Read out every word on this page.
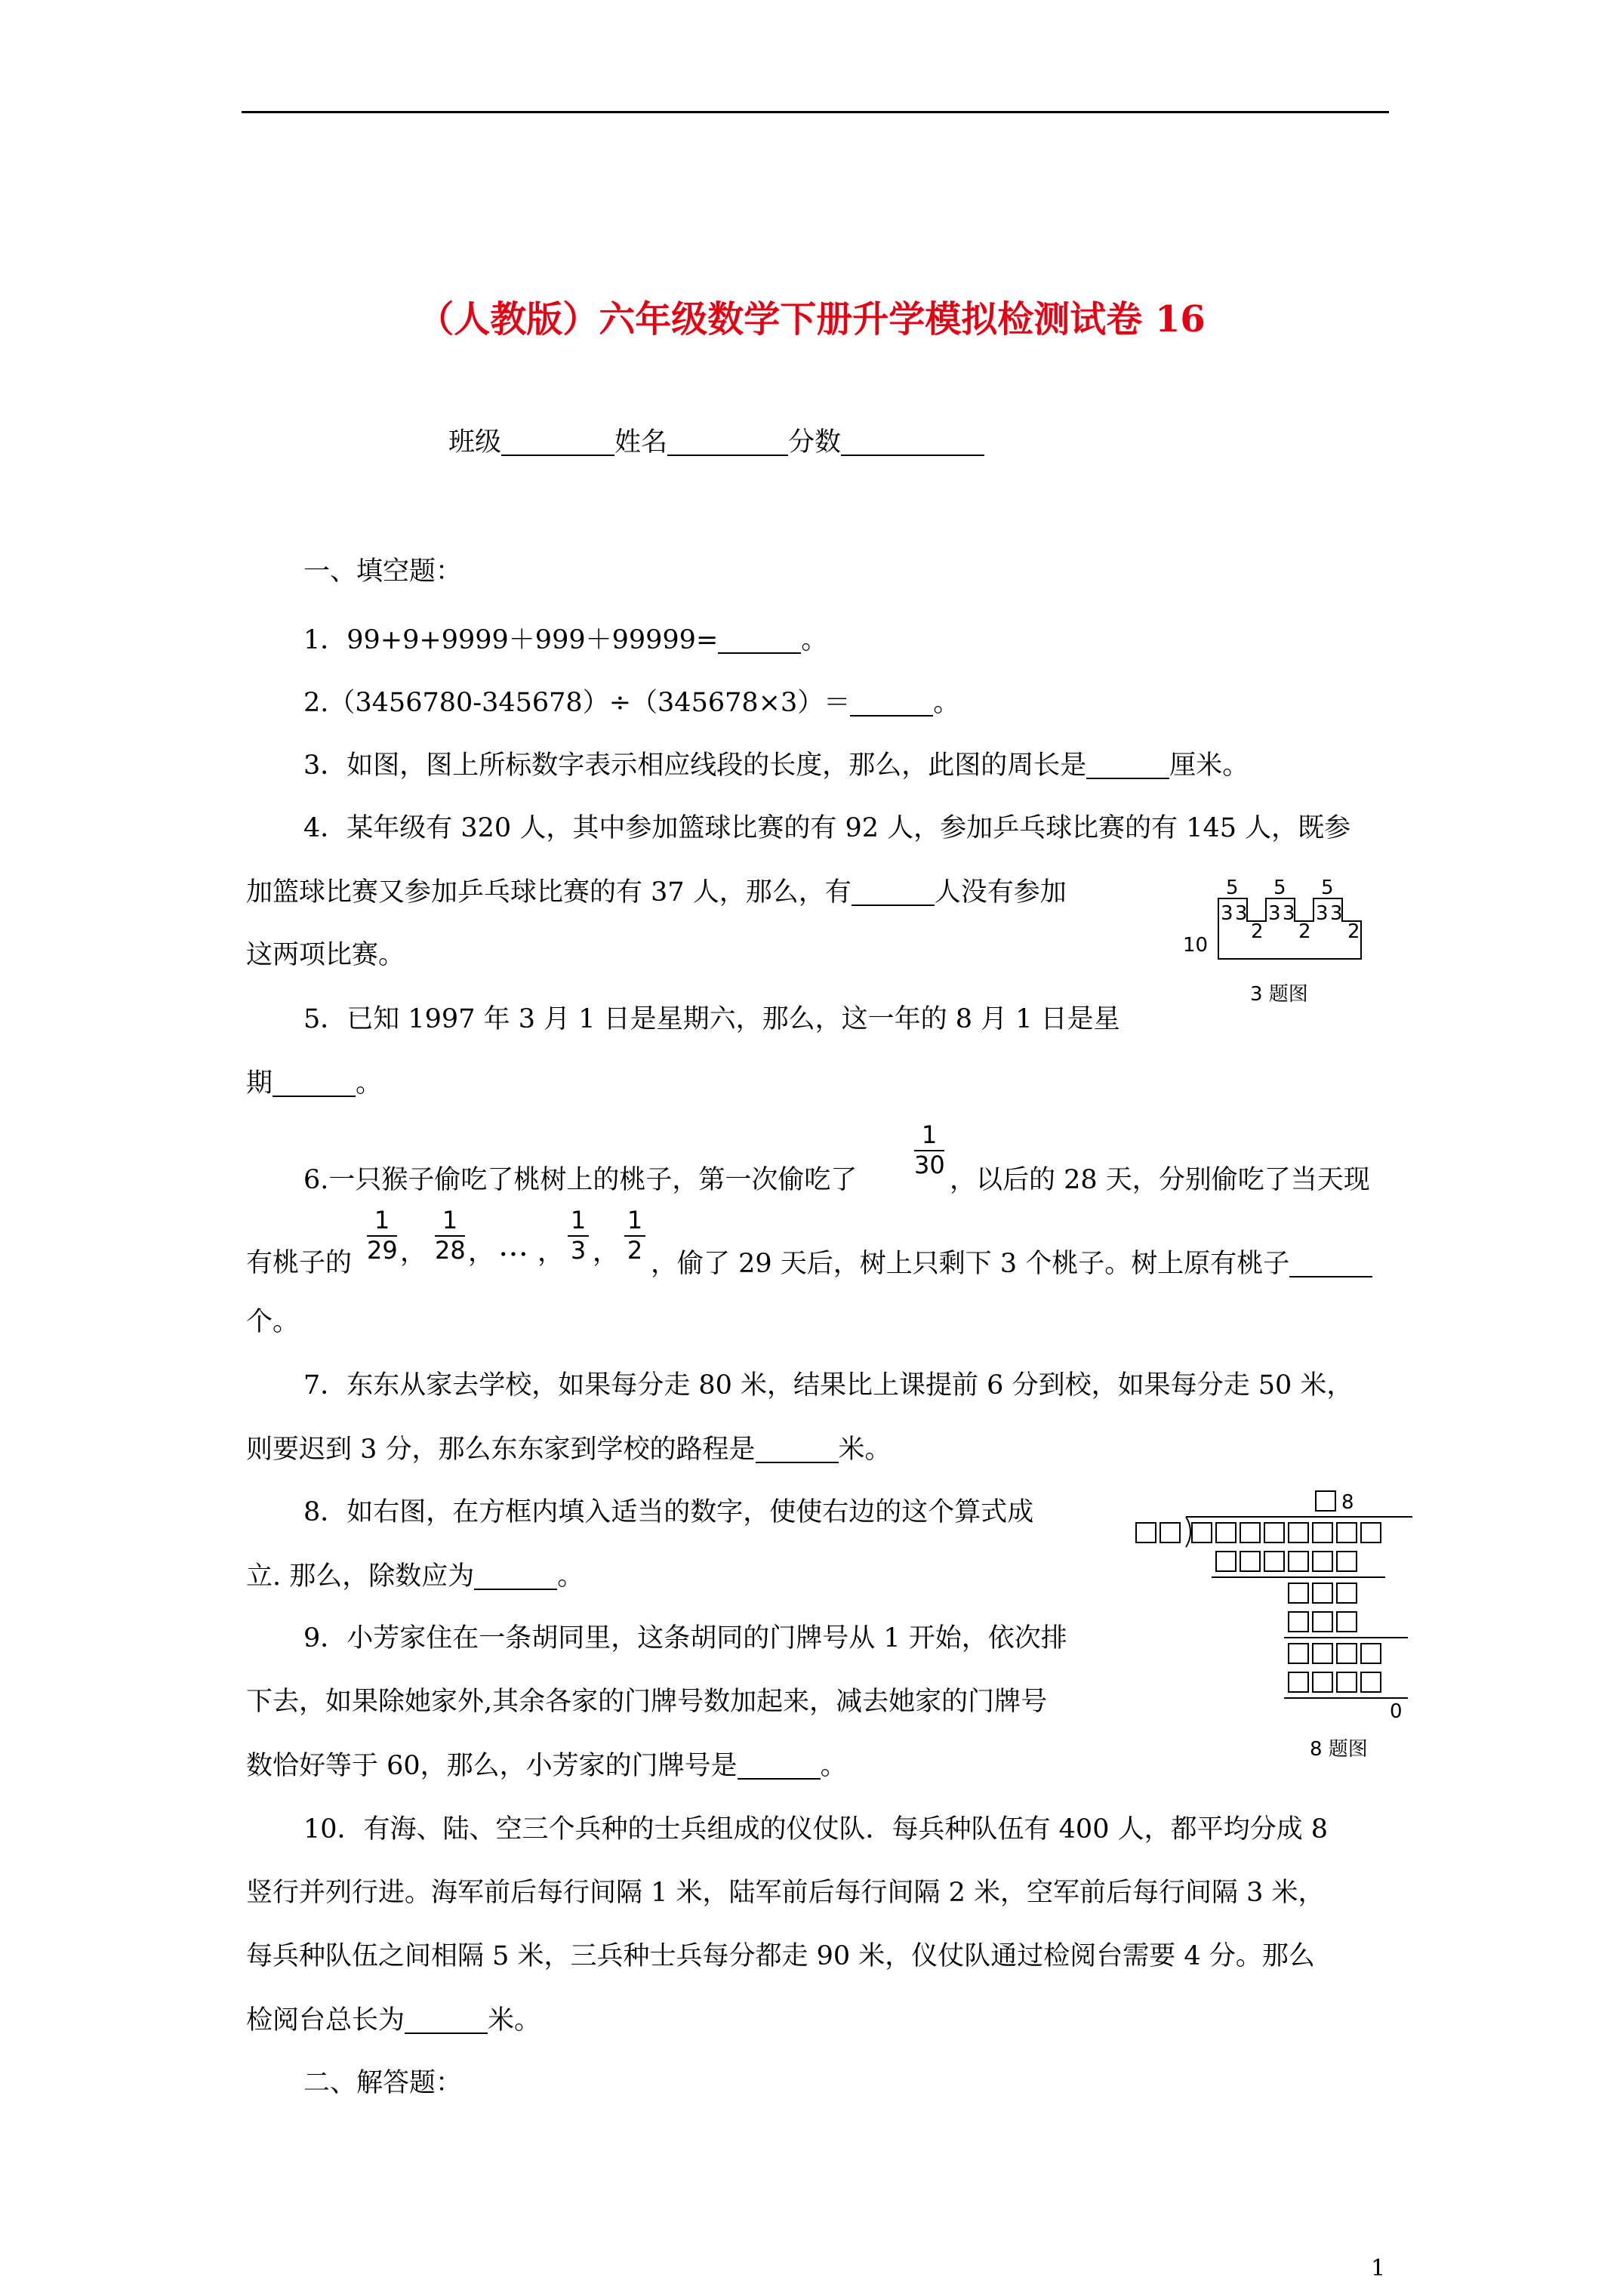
（人教版）六年级数学下册升学模拟检测试卷 16
班级	姓名	分数
一、填空题：
1．99+9+9999＋999＋99999=	。
2.（3456780-345678）÷（345678×3）＝	。
3．如图，图上所标数字表示相应线段的长度，那么，此图的周长是	厘米。
4．某年级有 320 人，其中参加篮球比赛的有 92 人，参加乒乓球比赛的有 145 人，既参
加篮球比赛又参加乒乓球比赛的有 37 人，那么，有	人没有参加
这两项比赛。	10
5 5 5
3 3 3 3 3 3
2 2 2
3 题图
5．已知 1997 年 3 月 1 日是星期六，那么，这一年的 8 月 1 日是星
期	。
6.一只猴子偷吃了桃树上的桃子，第一次偷吃了
1
30
，以后的 28 天，分别偷吃了当天现
有桃子的
1
29 ，
1
28 ， … ，
1
3 ，
1
2 ，偷了 29 天后，树上只剩下 3 个桃子。树上原有桃子
个。
7．东东从家去学校，如果每分走 80 米，结果比上课提前 6 分到校，如果每分走 50 米，
则要迟到 3 分，那么东东家到学校的路程是	米。
8．如右图，在方框内填入适当的数字，使使右边的这个算式成
立. 那么，除数应为	。
8
0
8 题图
9．小芳家住在一条胡同里，这条胡同的门牌号从 1 开始，依次排
下去，如果除她家外,其余各家的门牌号数加起来，减去她家的门牌号
数恰好等于 60，那么，小芳家的门牌号是	。
10．有海、陆、空三个兵种的士兵组成的仪仗队．每兵种队伍有 400 人，都平均分成 8
竖行并列行进。海军前后每行间隔 1 米，陆军前后每行间隔 2 米，空军前后每行间隔 3 米，
每兵种队伍之间相隔 5 米，三兵种士兵每分都走 90 米，仪仗队通过检阅台需要 4 分。那么
检阅台总长为	米。
二、解答题：
1
